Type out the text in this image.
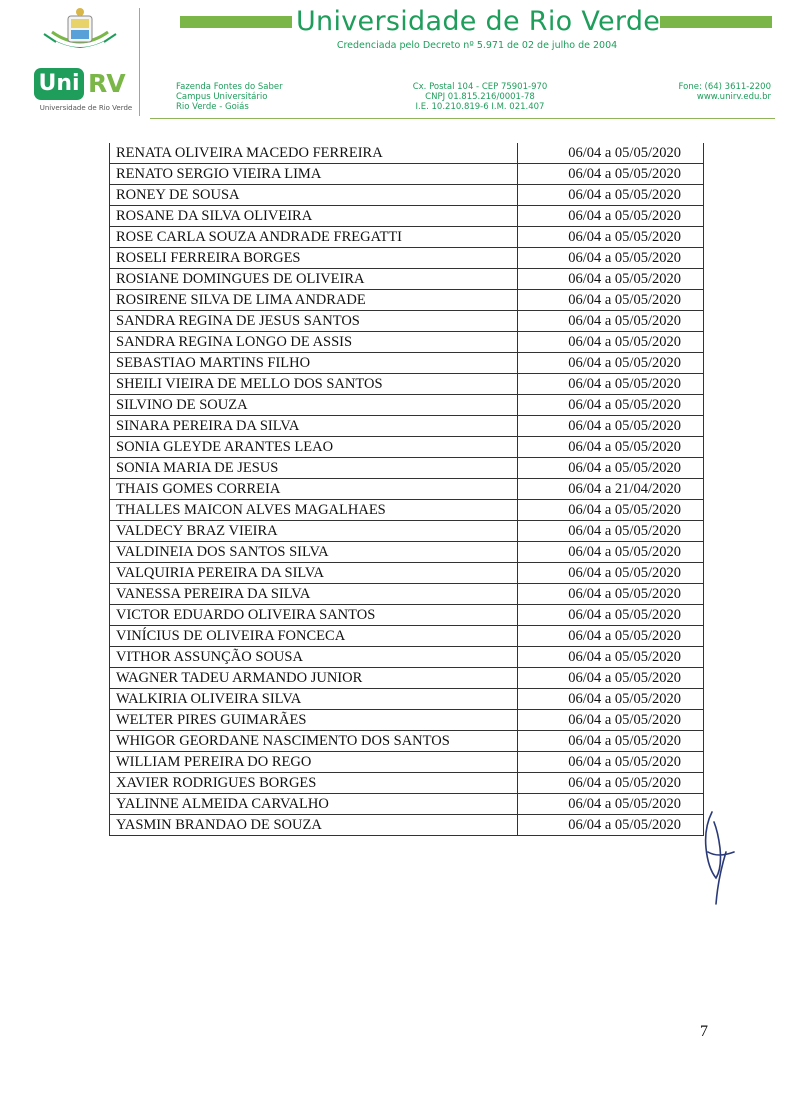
Universidade de Rio Verde
Credenciada pelo Decreto nº 5.971 de 02 de julho de 2004
Uni RV
Universidade de Rio Verde
Fazenda Fontes do Saber
Campus Universitário
Rio Verde - Goiás
Cx. Postal 104 - CEP 75901-970
CNPJ 01.815.216/0001-78
I.E. 10.210.819-6 I.M. 021.407
Fone: (64) 3611-2200
www.unirv.edu.br
RENATA OLIVEIRA MACEDO FERREIRA	06/04 a 05/05/2020
RENATO SERGIO VIEIRA LIMA	06/04 a 05/05/2020
RONEY DE SOUSA	06/04 a 05/05/2020
ROSANE DA SILVA OLIVEIRA	06/04 a 05/05/2020
ROSE CARLA SOUZA ANDRADE FREGATTI	06/04 a 05/05/2020
ROSELI FERREIRA BORGES	06/04 a 05/05/2020
ROSIANE DOMINGUES DE OLIVEIRA	06/04 a 05/05/2020
ROSIRENE SILVA DE LIMA ANDRADE	06/04 a 05/05/2020
SANDRA REGINA DE JESUS SANTOS	06/04 a 05/05/2020
SANDRA REGINA LONGO DE ASSIS	06/04 a 05/05/2020
SEBASTIAO MARTINS FILHO	06/04 a 05/05/2020
SHEILI VIEIRA DE MELLO DOS SANTOS	06/04 a 05/05/2020
SILVINO DE SOUZA	06/04 a 05/05/2020
SINARA PEREIRA DA SILVA	06/04 a 05/05/2020
SONIA GLEYDE ARANTES LEAO	06/04 a 05/05/2020
SONIA MARIA DE JESUS	06/04 a 05/05/2020
THAIS GOMES CORREIA	06/04 a 21/04/2020
THALLES MAICON ALVES MAGALHAES	06/04 a 05/05/2020
VALDECY BRAZ VIEIRA	06/04 a 05/05/2020
VALDINEIA DOS SANTOS SILVA	06/04 a 05/05/2020
VALQUIRIA PEREIRA DA SILVA	06/04 a 05/05/2020
VANESSA PEREIRA DA SILVA	06/04 a 05/05/2020
VICTOR EDUARDO OLIVEIRA SANTOS	06/04 a 05/05/2020
VINÍCIUS DE OLIVEIRA FONCECA	06/04 a 05/05/2020
VITHOR ASSUNÇÃO SOUSA	06/04 a 05/05/2020
WAGNER TADEU ARMANDO JUNIOR	06/04 a 05/05/2020
WALKIRIA OLIVEIRA SILVA	06/04 a 05/05/2020
WELTER PIRES GUIMARÃES	06/04 a 05/05/2020
WHIGOR GEORDANE NASCIMENTO DOS SANTOS	06/04 a 05/05/2020
WILLIAM PEREIRA DO REGO	06/04 a 05/05/2020
XAVIER RODRIGUES BORGES	06/04 a 05/05/2020
YALINNE ALMEIDA CARVALHO	06/04 a 05/05/2020
YASMIN BRANDAO DE SOUZA	06/04 a 05/05/2020
7
